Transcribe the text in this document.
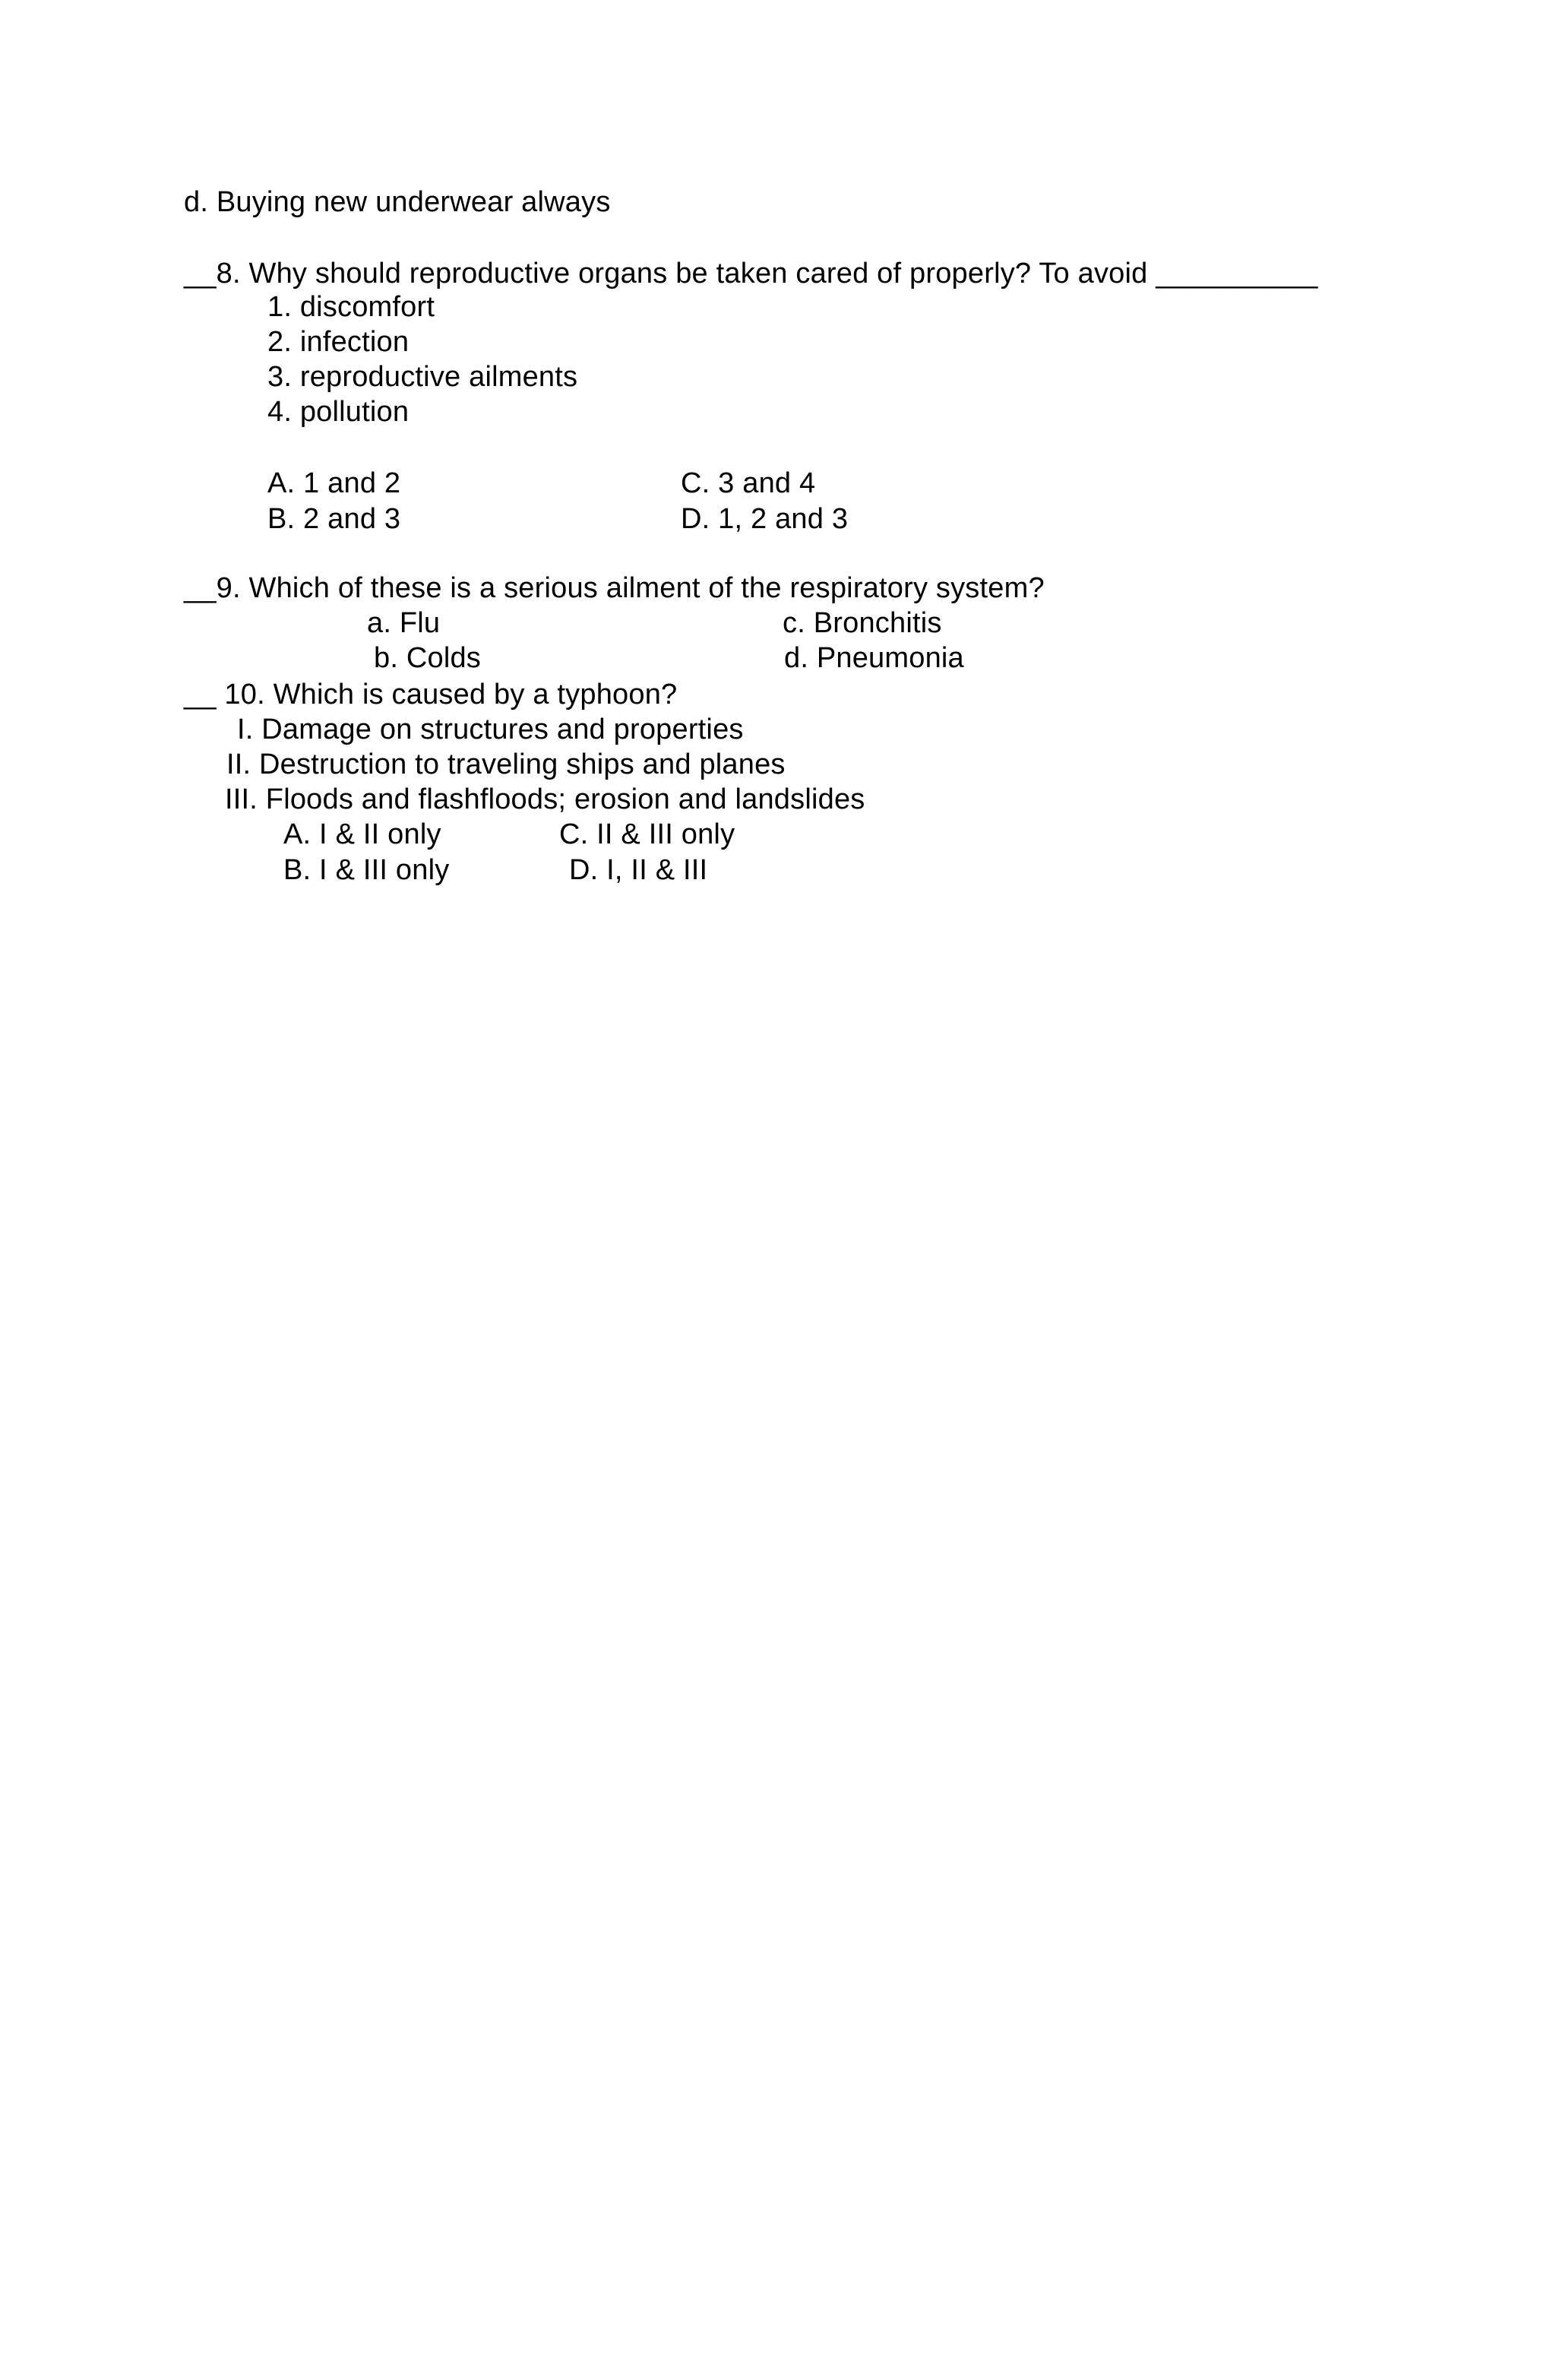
d. Buying new underwear always
__8. Why should reproductive organs be taken cared of properly? To avoid __________
1. discomfort
2. infection
3. reproductive ailments
4. pollution
A. 1 and 2	C. 3 and 4
B. 2 and 3	D. 1, 2 and 3
__9. Which of these is a serious ailment of the respiratory system?
a. Flu	c. Bronchitis
b. Colds	d. Pneumonia
__ 10. Which is caused by a typhoon?
I. Damage on structures and properties
II. Destruction to traveling ships and planes
III. Floods and flashfloods; erosion and landslides
A. I & II only	C. II & III only
B. I & III only	D. I, II & III
